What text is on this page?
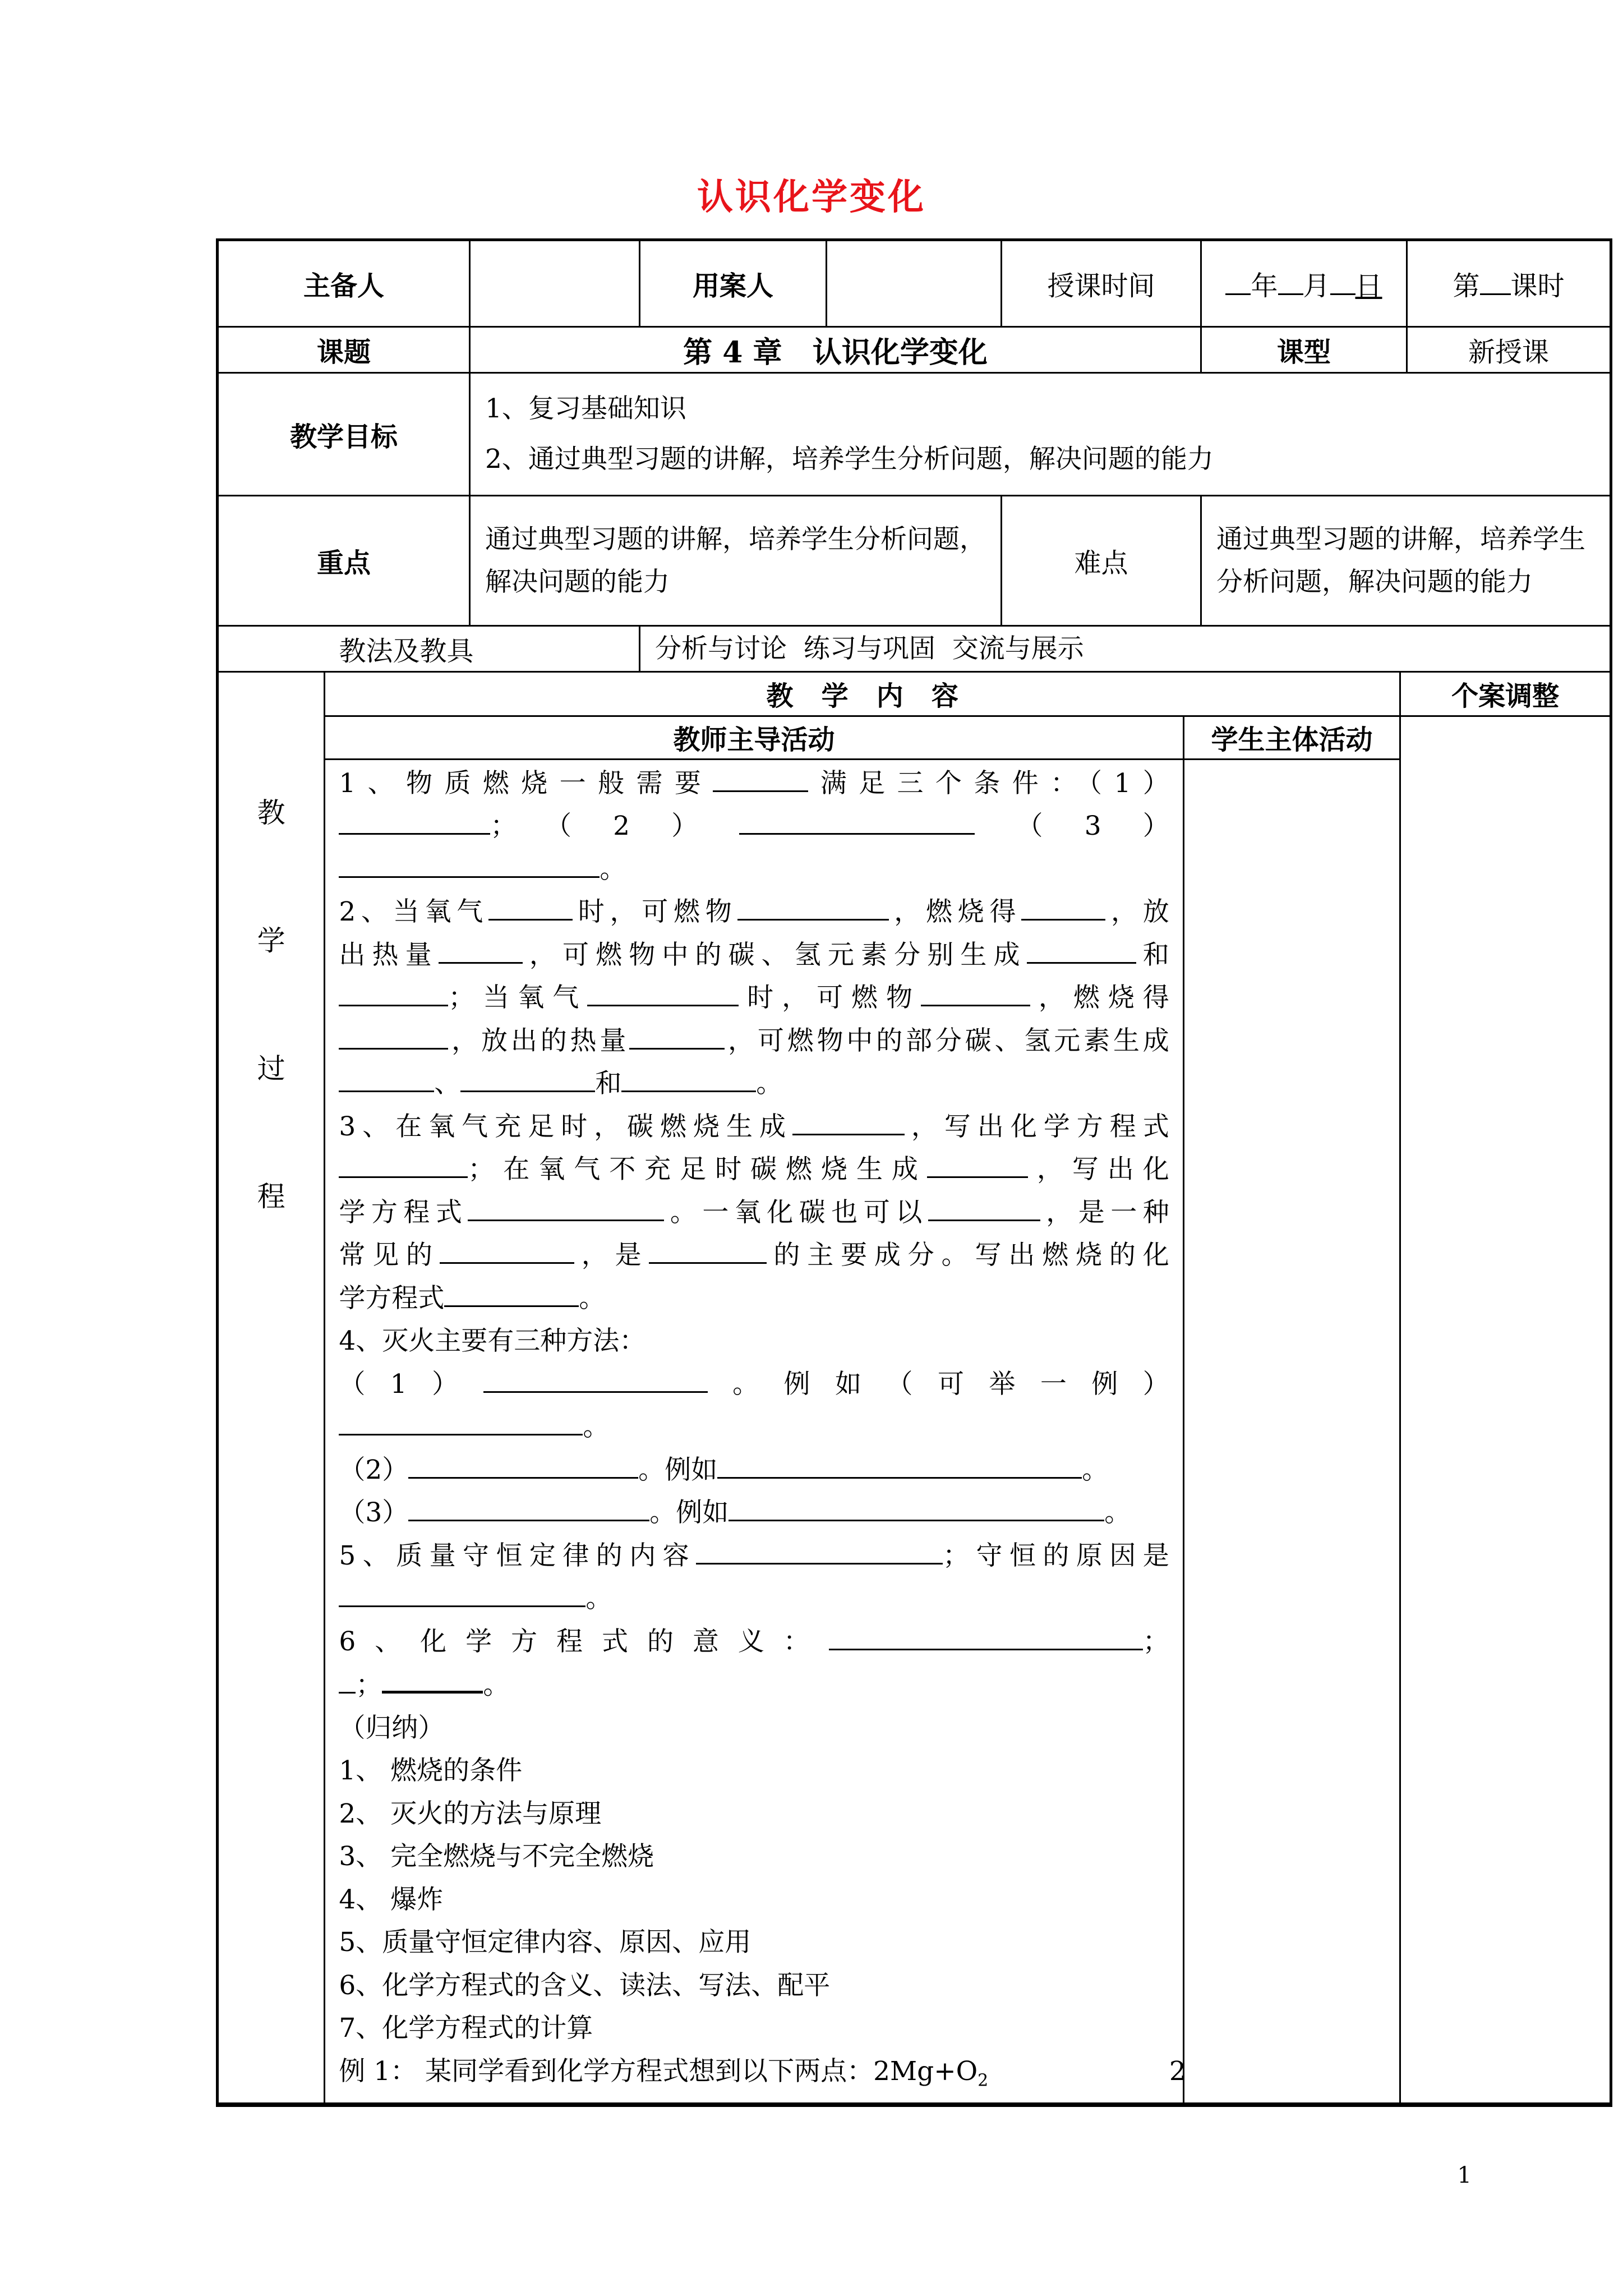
认识化学变化
主备人		用案人		授课时间	年 月 日	第 课时
课题	第 4 章   认识化学变化	课型	新授课
教学目标	
1、复习基础知识
2、通过典型习题的讲解，培养学生分析问题，解决问题的能力

重点	通过典型习题的讲解，培养学生分析问题，解决问题的能力	难点	通过典型习题的讲解，培养学生分析问题，解决问题的能力
教法及教具	分析与讨论  练习与巩固  交流与展示

教
学
过
程
	教   学   内   容	个案调整
教师主导活动	学生主体活动	

1、物质燃烧一般需要	满足三个条件：（1）

；（2）	（3）

。

2、当氧气	时，可燃物	，燃烧得	，放

出热量	，可燃物中的碳、氢元素分别生成	和

；当氧气	时，可燃物	，燃烧得

，放出的热量	，可燃物中的部分碳、氢元素生成

、	和	。

3、在氧气充足时，碳燃烧生成	，写出化学方程式

；在氧气不充足时碳燃烧生成	，写出化

学方程式	。一氧化碳也可以	，是一种

常见的	，是	的主要成分。写出燃烧的化

学方程式	。

4、灭火主要有三种方法：

（1）	。例如（可举一例）

。

（2）	。例如	。

（3）	。例如	。

5、质量守恒定律的内容	；守恒的原因是

。

6、化学方程式的意义：	；

；	。

（归纳）

1、 燃烧的条件

2、 灭火的方法与原理

3、 完全燃烧与不完全燃烧

4、 爆炸

5、质量守恒定律内容、原因、应用

6、化学方程式的含义、读法、写法、配平

7、化学方程式的计算

例 1： 某同学看到化学方程式想到以下两点：$2Mg+O_2$	2

1
